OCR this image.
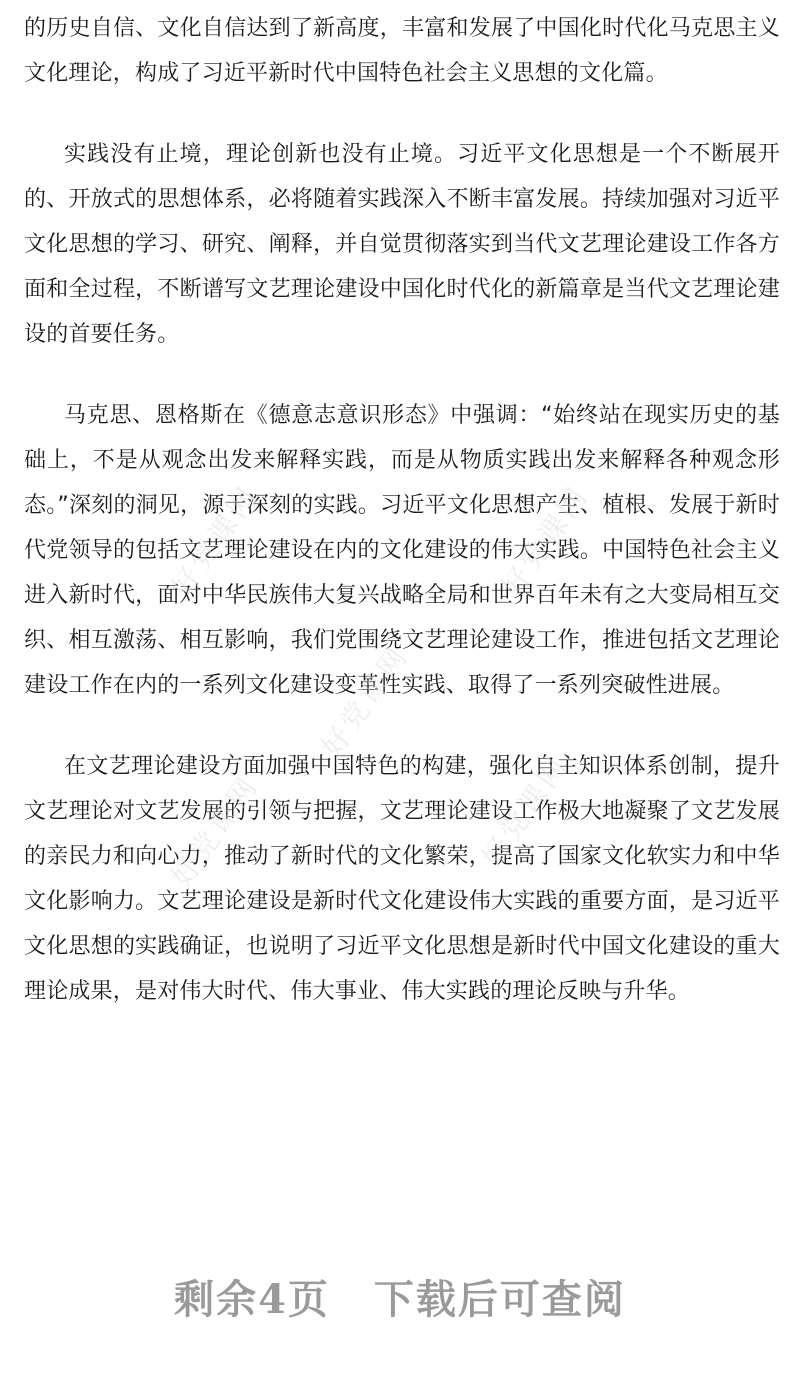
的历史自信、文化自信达到了新高度，丰富和发展了中国化时代化马克思主义文化理论，构成了习近平新时代中国特色社会主义思想的文化篇。

实践没有止境，理论创新也没有止境。习近平文化思想是一个不断展开的、开放式的思想体系，必将随着实践深入不断丰富发展。持续加强对习近平文化思想的学习、研究、阐释，并自觉贯彻落实到当代文艺理论建设工作各方面和全过程，不断谱写文艺理论建设中国化时代化的新篇章是当代文艺理论建设的首要任务。

马克思、恩格斯在《德意志意识形态》中强调：“始终站在现实历史的基础上，不是从观念出发来解释实践，而是从物质实践出发来解释各种观念形态。”深刻的洞见，源于深刻的实践。习近平文化思想产生、植根、发展于新时代党领导的包括文艺理论建设在内的文化建设的伟大实践。中国特色社会主义进入新时代，面对中华民族伟大复兴战略全局和世界百年未有之大变局相互交织、相互激荡、相互影响，我们党围绕文艺理论建设工作，推进包括文艺理论建设工作在内的一系列文化建设变革性实践、取得了一系列突破性进展。

在文艺理论建设方面加强中国特色的构建，强化自主知识体系创制，提升文艺理论对文艺发展的引领与把握，文艺理论建设工作极大地凝聚了文艺发展的亲民力和向心力，推动了新时代的文化繁荣，提高了国家文化软实力和中华文化影响力。文艺理论建设是新时代文化建设伟大实践的重要方面，是习近平文化思想的实践确证，也说明了习近平文化思想是新时代中国文化建设的重大理论成果，是对伟大时代、伟大事业、伟大实践的理论反映与升华。

好党课网	好党课网
好党课网
好党课网	好党课网
剩余4页 下载后可查阅
